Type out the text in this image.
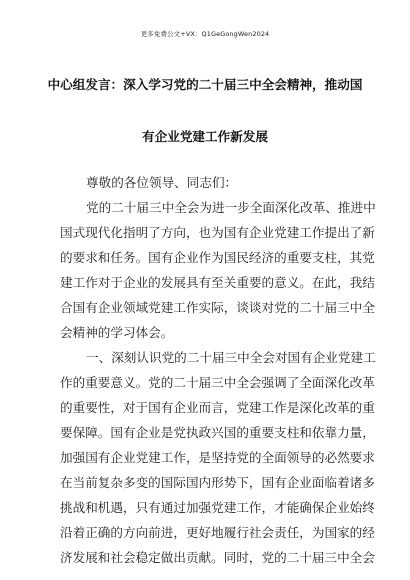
更多免费公文+VX：Q1GeGongWen2024
中心组发言：深入学习党的二十届三中全会精神，推动国
有企业党建工作新发展
尊敬的各位领导、同志们：
党的二十届三中全会为进一步全面深化改革、推进中
国式现代化指明了方向，也为国有企业党建工作提出了新
的要求和任务。国有企业作为国民经济的重要支柱，其党
建工作对于企业的发展具有至关重要的意义。在此，我结
合国有企业领域党建工作实际，谈谈对党的二十届三中全
会精神的学习体会。
一、深刻认识党的二十届三中全会对国有企业党建工
作的重要意义。党的二十届三中全会强调了全面深化改革
的重要性，对于国有企业而言，党建工作是深化改革的重
要保障。国有企业是党执政兴国的重要支柱和依靠力量，
加强国有企业党建工作，是坚持党的全面领导的必然要求
在当前复杂多变的国际国内形势下，国有企业面临着诸多
挑战和机遇，只有通过加强党建工作，才能确保企业始终
沿着正确的方向前进，更好地履行社会责任，为国家的经
济发展和社会稳定做出贡献。同时，党的二十届三中全会
